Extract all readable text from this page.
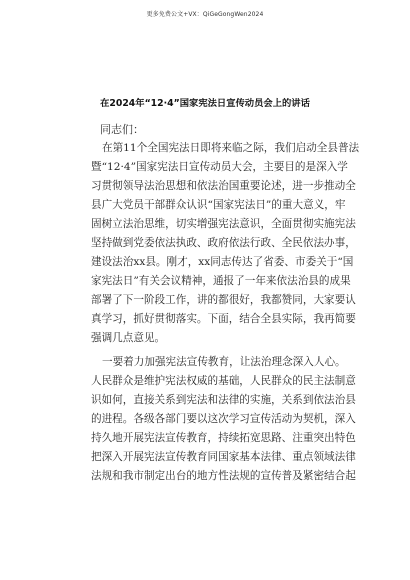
更多免费公文+VX：QiGeGongWen2024
在2024年“12·4”国家宪法日宣传动员会上的讲话
同志们：
在第11个全国宪法日即将来临之际，我们启动全县普法
暨“12·4”国家宪法日宣传动员大会，主要目的是深入学
习贯彻领导法治思想和依法治国重要论述，进一步推动全
县广大党员干部群众认识“国家宪法日”的重大意义，牢
固树立法治思维，切实增强宪法意识，全面贯彻实施宪法
坚持做到党委依法执政、政府依法行政、全民依法办事，
建设法治xx县。刚才，xx同志传达了省委、市委关于“国
家宪法日”有关会议精神，通报了一年来依法治县的成果
部署了下一阶段工作，讲的都很好，我都赞同，大家要认
真学习，抓好贯彻落实。下面，结合全县实际，我再简要
强调几点意见。
一要着力加强宪法宣传教育，让法治理念深入人心。
人民群众是维护宪法权威的基础，人民群众的民主法制意
识如何，直接关系到宪法和法律的实施，关系到依法治县
的进程。各级各部门要以这次学习宣传活动为契机，深入
持久地开展宪法宣传教育，持续拓宽思路、注重突出特色
把深入开展宪法宣传教育同国家基本法律、重点领域法律
法规和我市制定出台的地方性法规的宣传普及紧密结合起
